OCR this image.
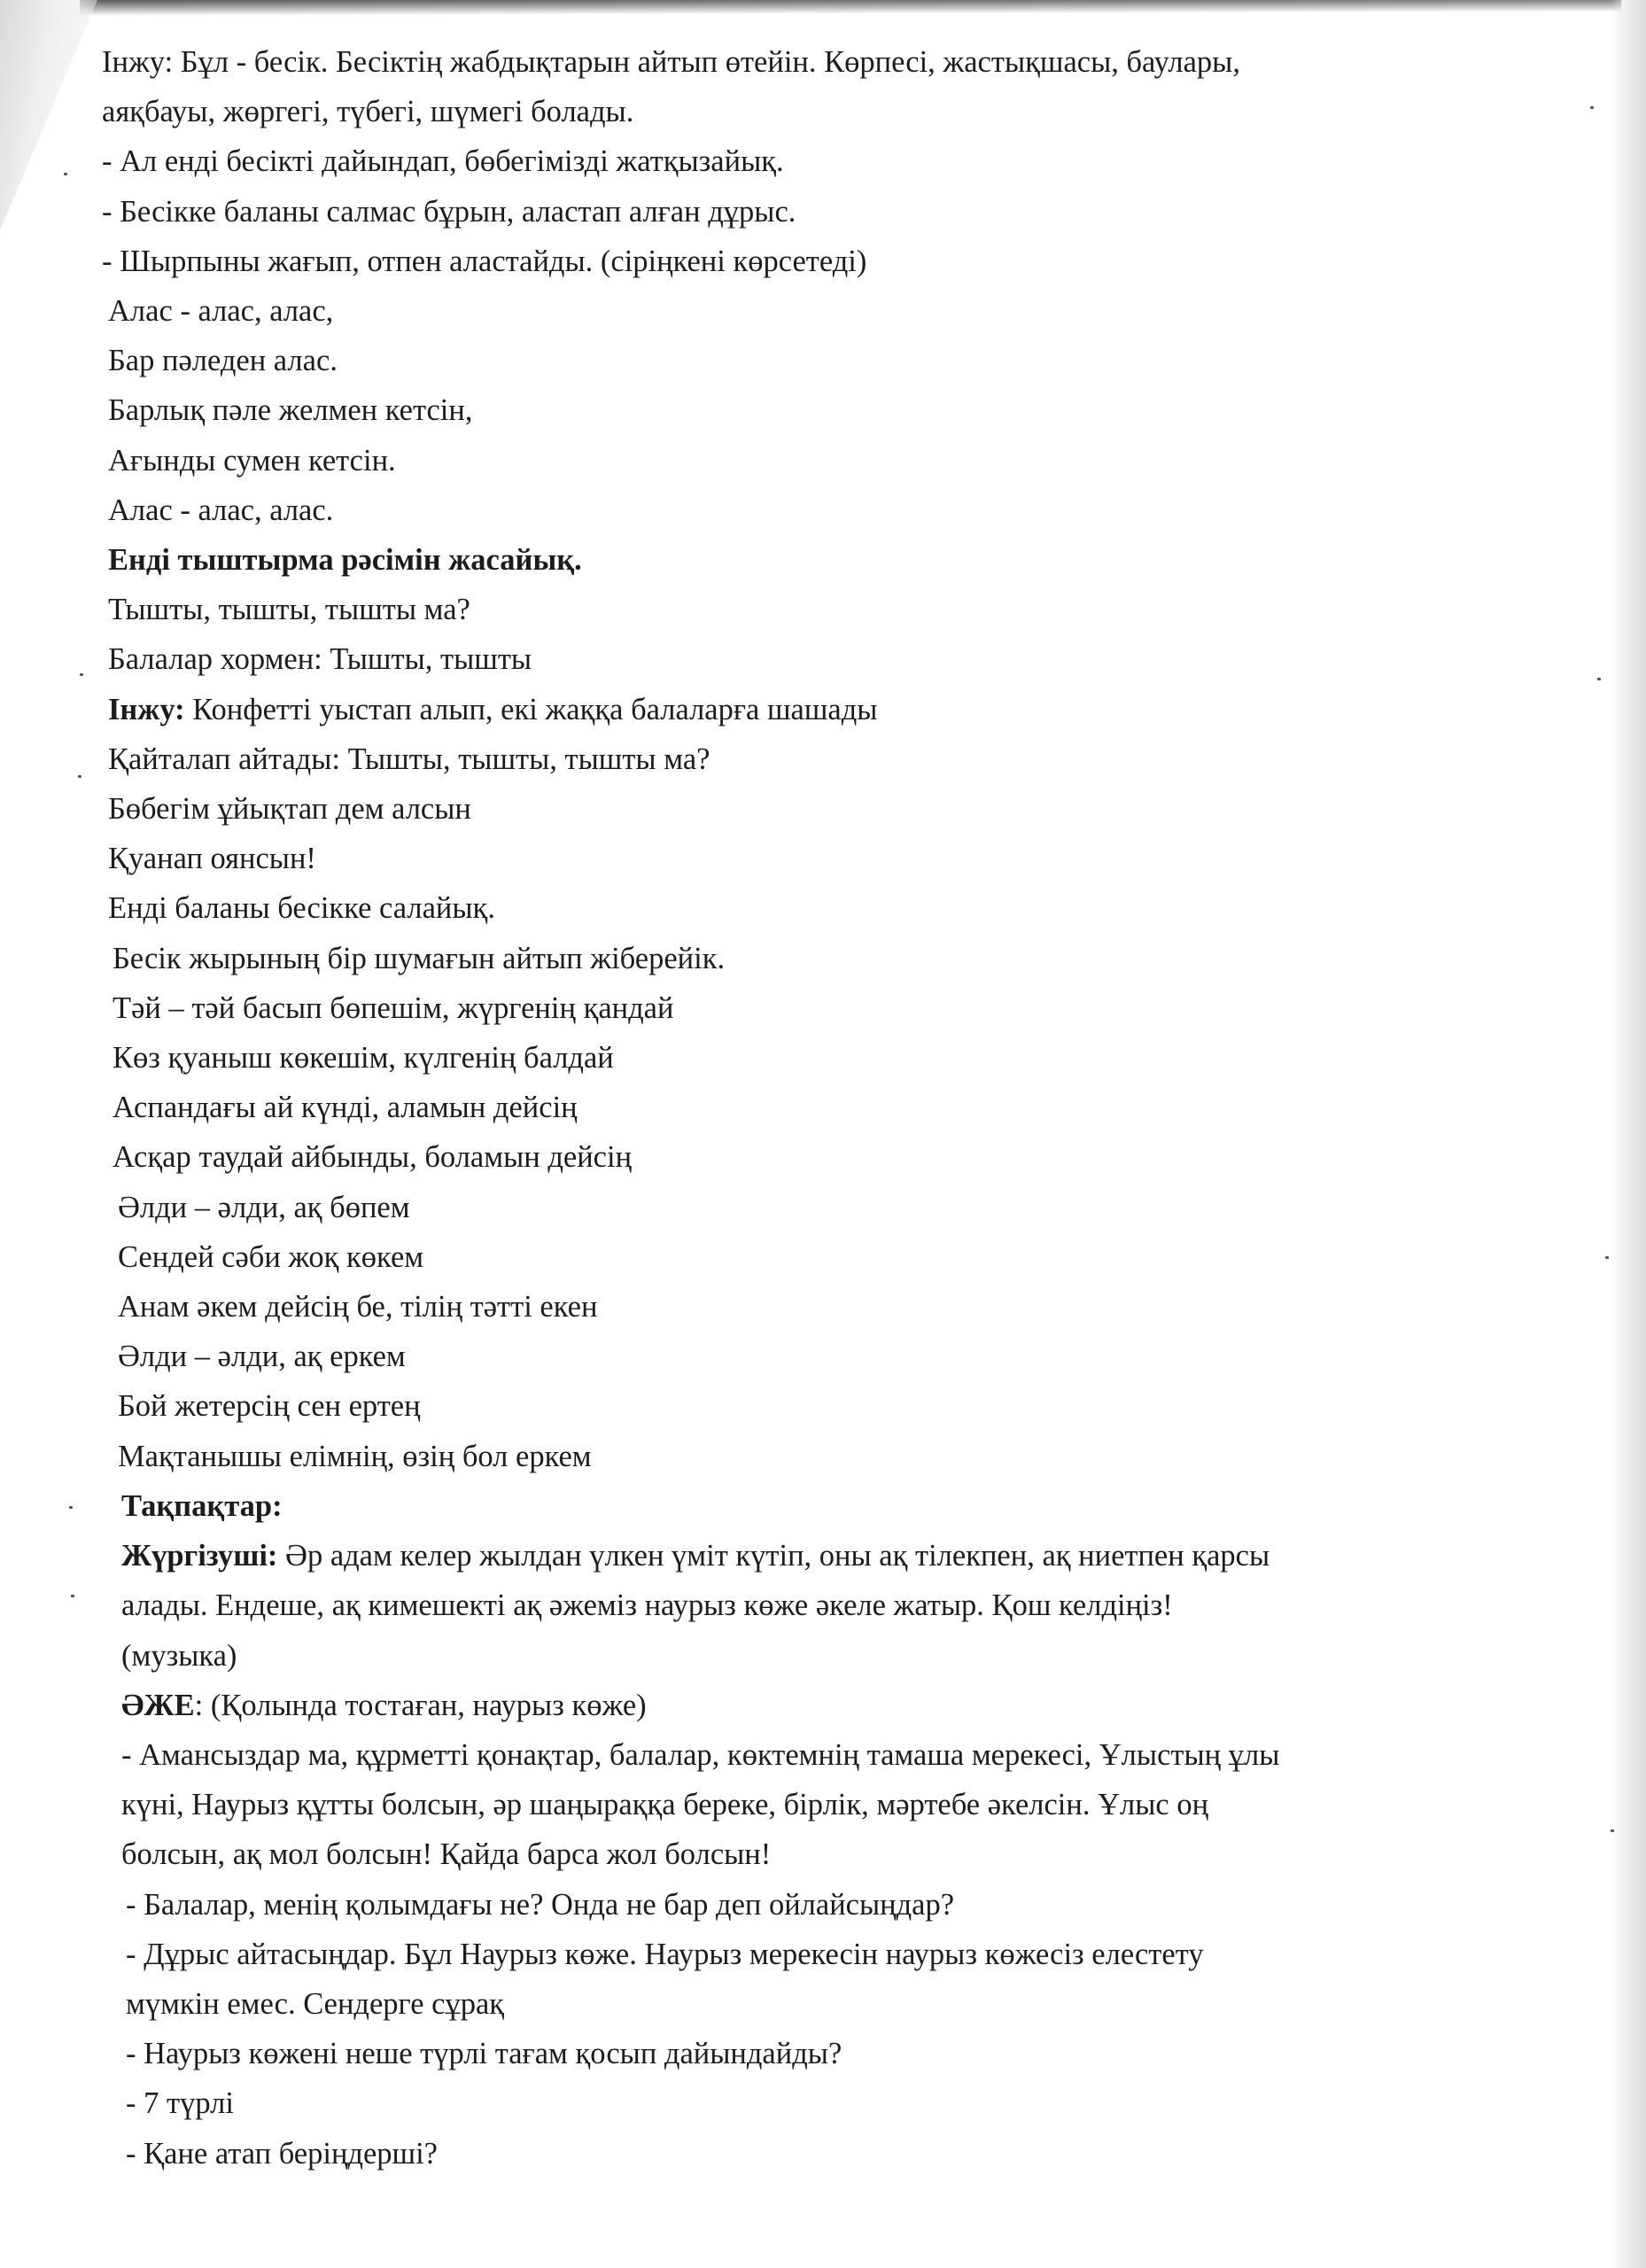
Інжу: Бұл - бесік. Бесіктің жабдықтарын айтып өтейін. Көрпесі, жастықшасы, баулары,
аяқбауы, жөргегі, түбегі, шүмегі болады.
- Ал енді бесікті дайындап, бөбегімізді жатқызайық.
- Бесікке баланы салмас бұрын, аластап алған дұрыс.
- Шырпыны жағып, отпен аластайды. (сіріңкені көрсетеді)
Алас - алас, алас,
Бар пәледен алас.
Барлық пәле желмен кетсін,
Ағынды сумен кетсін.
Алас - алас, алас.
Енді тыштырма рәсімін жасайық.
Тышты, тышты, тышты ма?
Балалар хормен: Тышты, тышты
Інжу: Конфетті уыстап алып, екі жаққа балаларға шашады
Қайталап айтады: Тышты, тышты, тышты ма?
Бөбегім ұйықтап дем алсын
Қуанап оянсын!
Енді баланы бесікке салайық.
Бесік жырының бір шумағын айтып жіберейік.
Тәй – тәй басып бөпешім, жүргенің қандай
Көз қуаныш көкешім, күлгенің балдай
Аспандағы ай күнді, аламын дейсің
Асқар таудай айбынды, боламын дейсің
Әлди – әлди, ақ бөпем
Сендей сәби жоқ көкем
Анам әкем дейсің бе, тілің тәтті екен
Әлди – әлди, ақ еркем
Бой жетерсің сен ертең
Мақтанышы елімнің, өзің бол еркем
Тақпақтар:
Жүргізуші: Әр адам келер жылдан үлкен үміт күтіп, оны ақ тілекпен, ақ ниетпен қарсы
алады. Ендеше, ақ кимешекті ақ әжеміз наурыз көже әкеле жатыр. Қош келдіңіз!
(музыка)
ӘЖЕ: (Қолында тостаған, наурыз көже)
- Амансыздар ма, құрметті қонақтар, балалар, көктемнің тамаша мерекесі, Ұлыстың ұлы
күні, Наурыз құтты болсын, әр шаңыраққа береке, бірлік, мәртебе әкелсін. Ұлыс оң
болсын, ақ мол болсын! Қайда барса жол болсын!
- Балалар, менің қолымдағы не? Онда не бар деп ойлайсыңдар?
- Дұрыс айтасыңдар. Бұл Наурыз көже. Наурыз мерекесін наурыз көжесіз елестету
мүмкін емес. Сендерге сұрақ
- Наурыз көжені неше түрлі тағам қосып дайындайды?
- 7 түрлі
- Қане атап беріңдерші?
